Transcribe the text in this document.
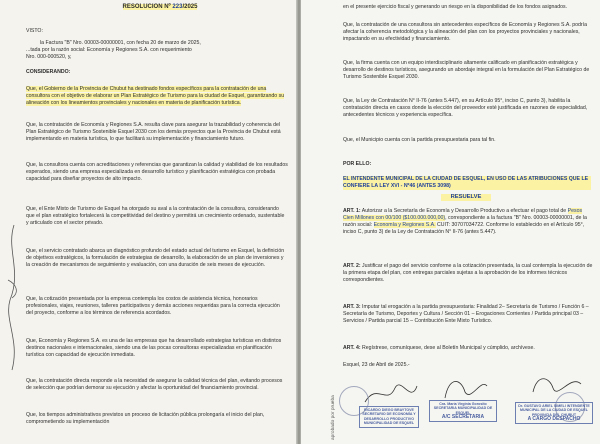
RESOLUCION Nº 223/2025

VISTO:

la Factura "B" Nro. 00003-00000001, con fecha 20 de marzo de 2025,

...tada por la razón social: Economía y Regiones S.A. con requerimiento

Nro. 000-000520, y,

CONSIDERANDO:

Que, el Gobierno de la Provincia de Chubut ha destinado fondos específicos para la contratación de una consultora con el objetivo de elaborar un Plan Estratégico de Turismo para la ciudad de Esquel, garantizando su alineación con los lineamientos provinciales y nacionales en materia de planificación turística.

Que, la contratación de Economía y Regiones S.A. resulta clave para asegurar la trazabilidad y coherencia del Plan Estratégico de Turismo Sostenible Esquel 2030 con los demás proyectos que la Provincia de Chubut está implementando en materia turística, lo que facilitará su implementación y financiamiento futuro.

Que, la consultora cuenta con acreditaciones y referencias que garantizan la calidad y viabilidad de los resultados esperados, siendo una empresa especializada en desarrollo turístico y planificación estratégica con probada capacidad para diseñar proyectos de alto impacto.

Que, el Ente Mixto de Turismo de Esquel ha otorgado su aval a la contratación de la consultora, considerando que el plan estratégico fortalecerá la competitividad del destino y permitirá un crecimiento ordenado, sustentable y articulado con el sector privado.

Que, el servicio contratado abarca un diagnóstico profundo del estado actual del turismo en Esquel, la definición de objetivos estratégicos, la formulación de estrategias de desarrollo, la elaboración de un plan de inversiones y la creación de mecanismos de seguimiento y evaluación, con una duración de seis meses de ejecución.

Que, la cotización presentada por la empresa contempla los costos de asistencia técnica, honorarios profesionales, viajes, reuniones, talleres participativos y demás acciones requeridas para la correcta ejecución del proyecto, conforme a los términos de referencia acordados.

Que, Economía y Regiones S.A. es una de las empresas que ha desarrollado estrategias turísticas en distintos destinos nacionales e internacionales, siendo una de las pocas consultoras especializadas en planificación turística con capacidad de ejecución inmediata.

Que, la contratación directa responde a la necesidad de asegurar la calidad técnica del plan, evitando procesos de selección que podrían demorar su ejecución y afectar la oportunidad del financiamiento provincial.

Que, los tiempos administrativos previstos un proceso de licitación pública prolongaría el inicio del plan, comprometiendo su implementación

en el presente ejercicio fiscal y generando un riesgo en la disponibilidad de los fondos asignados.

Que, la contratación de una consultora sin antecedentes específicos de Economía y Regiones S.A. podría afectar la coherencia metodológica y la alineación del plan con los proyectos provinciales y nacionales, impactando en su efectividad y financiamiento.

Que, la firma cuenta con un equipo interdisciplinario altamente calificado en planificación estratégica y desarrollo de destinos turísticos, asegurando un abordaje integral en la formulación del Plan Estratégico de Turismo Sostenible Esquel 2030.

Que, la Ley de Contratación N° II-76 (antes 5.447), en su Artículo 95°, inciso C, punto 3), habilita la contratación directa en casos donde la elección del proveedor esté justificada en razones de especialidad, antecedentes técnicos y experiencia específica.

Que, el Municipio cuenta con la partida presupuestaria para tal fin.

POR ELLO:

EL INTENDENTE MUNICIPAL DE LA CIUDAD DE ESQUEL, EN USO DE LAS ATRIBUCIONES QUE LE CONFIERE LA LEY XVI - Nº46 (ANTES 3098)

RESUELVE

ART. 1: Autorizar a la Secretaría de Economía y Desarrollo Productivo a efectuar el pago total de Pesos Cien Millones con 00/100 ($100.000.000,00), correspondiente a la factura "B" Nro. 00003-00000001, de la razón social: Economía y Regiones S.A. CUIT: 30707034722. Conforme lo establecido en el Artículo 95°, inciso C, punto 3) de la Ley de Contratación N° II-76 (antes 5.447).

ART. 2: Justificar el pago del servicio conforme a la cotización presentada, la cual contempla la ejecución de la primera etapa del plan, con entregas parciales sujetas a la aprobación de los informes técnicos correspondientes.

ART. 3: Imputar tal erogación a la partida presupuestaria: Finalidad 2– Secretaría de Turismo / Función 6 – Secretaría de Turismo, Deportes y Cultura / Sección 01 – Erogaciones Corrientes / Partida principal 03 – Servicios / Partida parcial 15 – Contribución Ente Mixto Turístico.

ART. 4: Regístrese, comuníquese, dese al Boletín Municipal y cúmplido, archívese.

Esquel, 23 de Abril de 2025.-

aprobado por prueba	RICARDO DIEGO BRAYTOVE SECRETARIO DE ECONOMÍA Y DESARROLLO PRODUCTIVO MUNICIPALIDAD DE ESQUEL
Cra. María Virginia Gorosito SECRETARIA MUNICIPALIDAD DE ESQUEL
A/C SECRETARIA
Dr. GUSTAVO ARIEL SIMELI INTENDENTE MUNICIPAL DE LA CIUDAD DE ESQUEL PROVINCIA DEL CHUBUT
A CARGO DESPACHO
